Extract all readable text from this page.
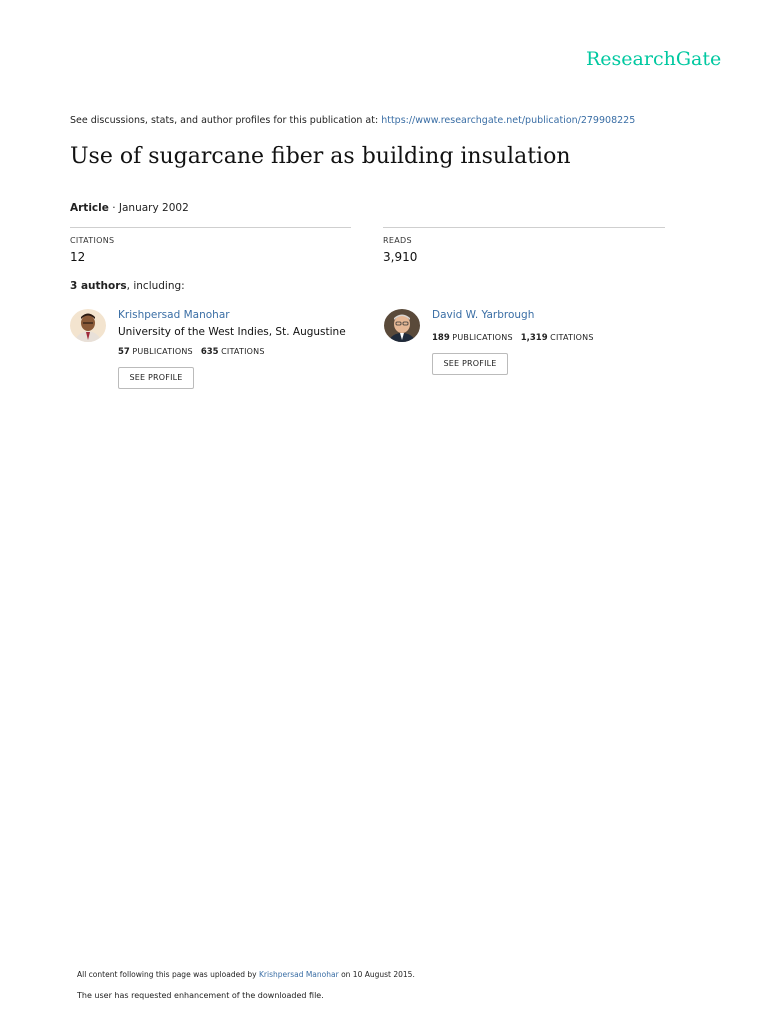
ResearchGate
See discussions, stats, and author profiles for this publication at: https://www.researchgate.net/publication/279908225
Use of sugarcane fiber as building insulation
Article · January 2002
CITATIONS
12
READS
3,910
3 authors, including:
Krishpersad Manohar
University of the West Indies, St. Augustine
57 PUBLICATIONS 635 CITATIONS
SEE PROFILE
David W. Yarbrough
189 PUBLICATIONS 1,319 CITATIONS
SEE PROFILE
All content following this page was uploaded by Krishpersad Manohar on 10 August 2015.
The user has requested enhancement of the downloaded file.
